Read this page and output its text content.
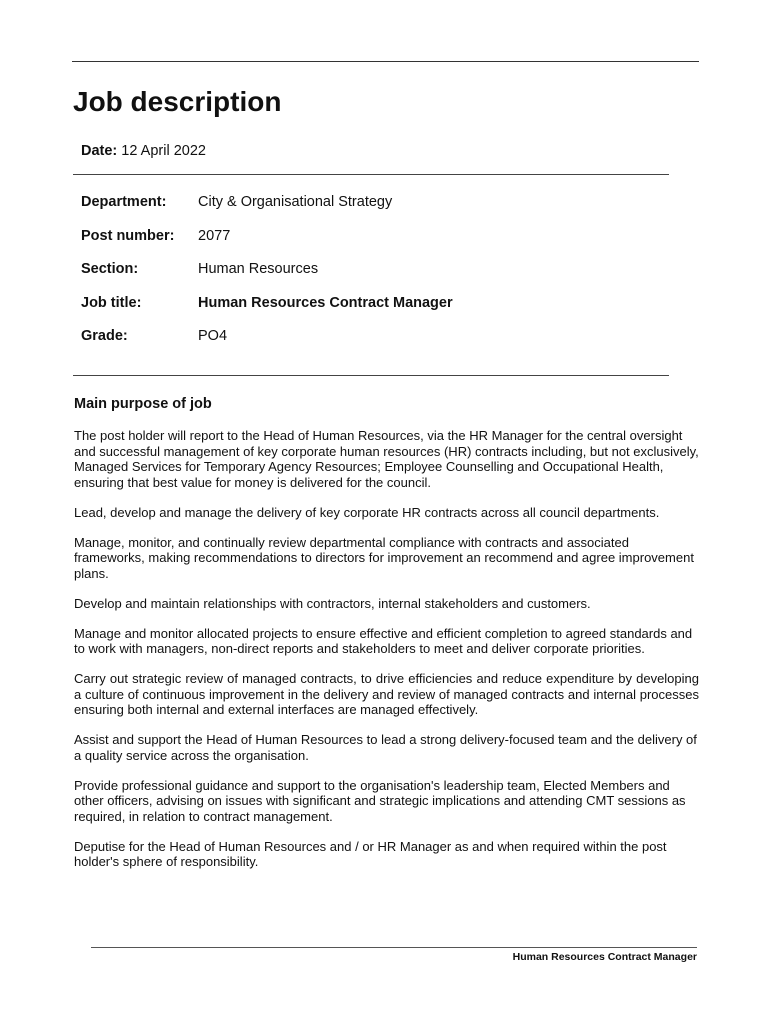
Job description
Date: 12 April 2022
Department: City & Organisational Strategy
Post number: 2077
Section:	Human Resources
Job title:	Human Resources Contract Manager
Grade:	PO4
Main purpose of job

The post holder will report to the Head of Human Resources, via the HR Manager for the central oversight and successful management of key corporate human resources (HR) contracts including, but not exclusively, Managed Services for Temporary Agency Resources; Employee Counselling and Occupational Health, ensuring that best value for money is delivered for the council.

Lead, develop and manage the delivery of key corporate HR contracts across all council departments.

Manage, monitor, and continually review departmental compliance with contracts and associated frameworks, making recommendations to directors for improvement an recommend and agree improvement plans.

Develop and maintain relationships with contractors, internal stakeholders and customers.

Manage and monitor allocated projects to ensure effective and efficient completion to agreed standards and to work with managers, non-direct reports and stakeholders to meet and deliver corporate priorities.

Carry out strategic review of managed contracts, to drive efficiencies and reduce expenditure by developing a culture of continuous improvement in the delivery and review of managed contracts and internal processes ensuring both internal and external interfaces are managed effectively.

Assist and support the Head of Human Resources to lead a strong delivery-focused team and the delivery of a quality service across the organisation.

Provide professional guidance and support to the organisation's leadership team, Elected Members and other officers, advising on issues with significant and strategic implications and attending CMT sessions as required, in relation to contract management.

Deputise for the Head of Human Resources and / or HR Manager as and when required within the post holder's sphere of responsibility.

Human Resources Contract Manager
